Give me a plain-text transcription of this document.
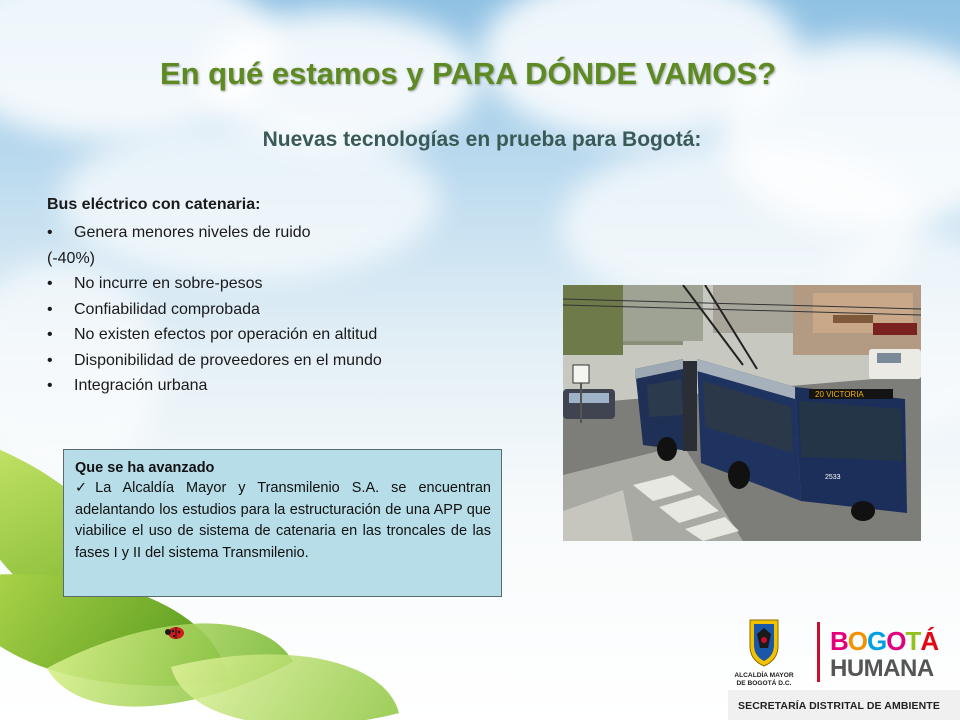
En qué estamos y PARA DÓNDE VAMOS?
Nuevas tecnologías en prueba para Bogotá:

Bus eléctrico con catenaria:

•	Genera menores niveles de ruido

(-40%)

•	No incurre en sobre-pesos
•	Confiabilidad comprobada
•	No existen efectos por operación en altitud
•	Disponibilidad de proveedores en el mundo
•	Integración urbana
20 VICTORIA
2533
Que se ha avanzado
✓La Alcaldía Mayor y Transmilenio S.A. se encuentran adelantando los estudios para la estructuración de una APP que viabilice el uso de sistema de catenaria en las troncales de las fases I y II del sistema Transmilenio.
ALCALDÍA MAYOR
DE BOGOTÁ D.C.
BOGOTÁ
HUMANA
SECRETARÍA DISTRITAL DE AMBIENTE
